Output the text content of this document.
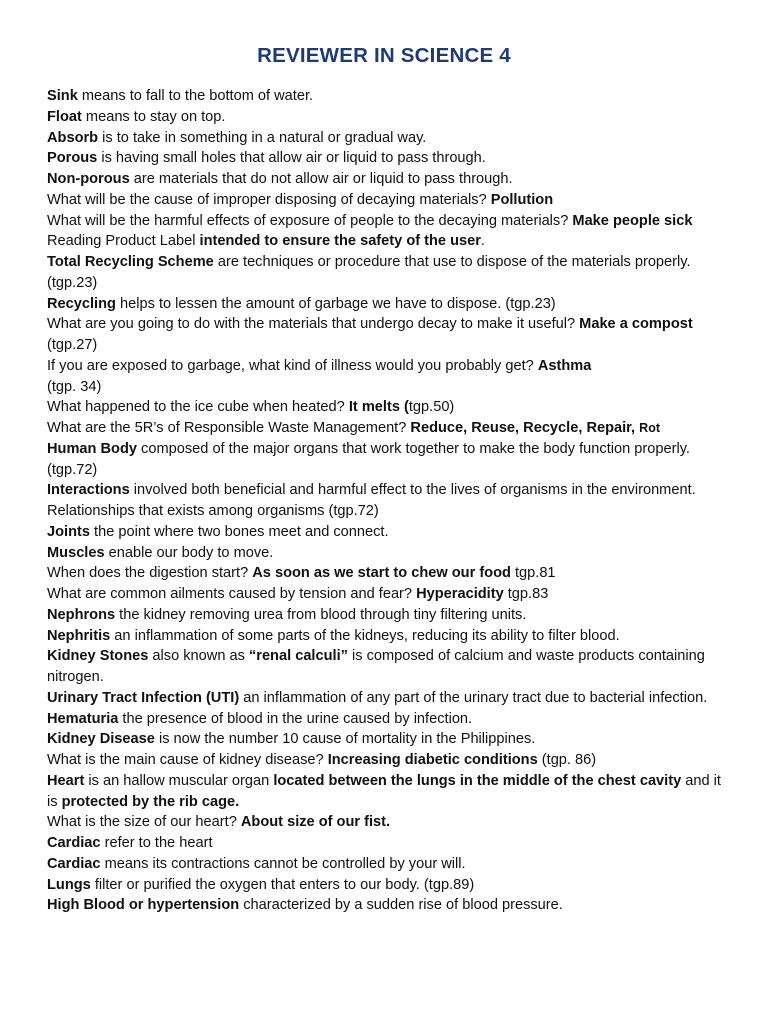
REVIEWER IN SCIENCE 4
Sink means to fall to the bottom of water.
Float means to stay on top.
Absorb is to take in something in a natural or gradual way.
Porous is having small holes that allow air or liquid to pass through.
Non-porous are materials that do not allow air or liquid to pass through.
What will be the cause of improper disposing of decaying materials? Pollution
What will be the harmful effects of exposure of people to the decaying materials? Make people sick
Reading Product Label intended to ensure the safety of the user.
Total Recycling Scheme are techniques or procedure that use to dispose of the materials properly. (tgp.23)
Recycling helps to lessen the amount of garbage we have to dispose. (tgp.23)
What are you going to do with the materials that undergo decay to make it useful? Make a compost (tgp.27)
If you are exposed to garbage, what kind of illness would you probably get? Asthma
(tgp. 34)
What happened to the ice cube when heated? It melts (tgp.50)
What are the 5R’s of Responsible Waste Management? Reduce, Reuse, Recycle, Repair, Rot
Human Body composed of the major organs that work together to make the body function properly. (tgp.72)
Interactions involved both beneficial and harmful effect to the lives of organisms in the environment. Relationships that exists among organisms (tgp.72)
Joints the point where two bones meet and connect.
Muscles enable our body to move.
When does the digestion start? As soon as we start to chew our food tgp.81
What are common ailments caused by tension and fear? Hyperacidity tgp.83
Nephrons the kidney removing urea from blood through tiny filtering units.
Nephritis an inflammation of some parts of the kidneys, reducing its ability to filter blood.
Kidney Stones also known as “renal calculi” is composed of calcium and waste products containing nitrogen.
Urinary Tract Infection (UTI) an inflammation of any part of the urinary tract due to bacterial infection.
Hematuria the presence of blood in the urine caused by infection.
Kidney Disease is now the number 10 cause of mortality in the Philippines.
What is the main cause of kidney disease? Increasing diabetic conditions (tgp. 86)
Heart is an hallow muscular organ located between the lungs in the middle of the chest cavity and it is protected by the rib cage.
What is the size of our heart? About size of our fist.
Cardiac refer to the heart
Cardiac means its contractions cannot be controlled by your will.
Lungs filter or purified the oxygen that enters to our body. (tgp.89)
High Blood or hypertension characterized by a sudden rise of blood pressure.
